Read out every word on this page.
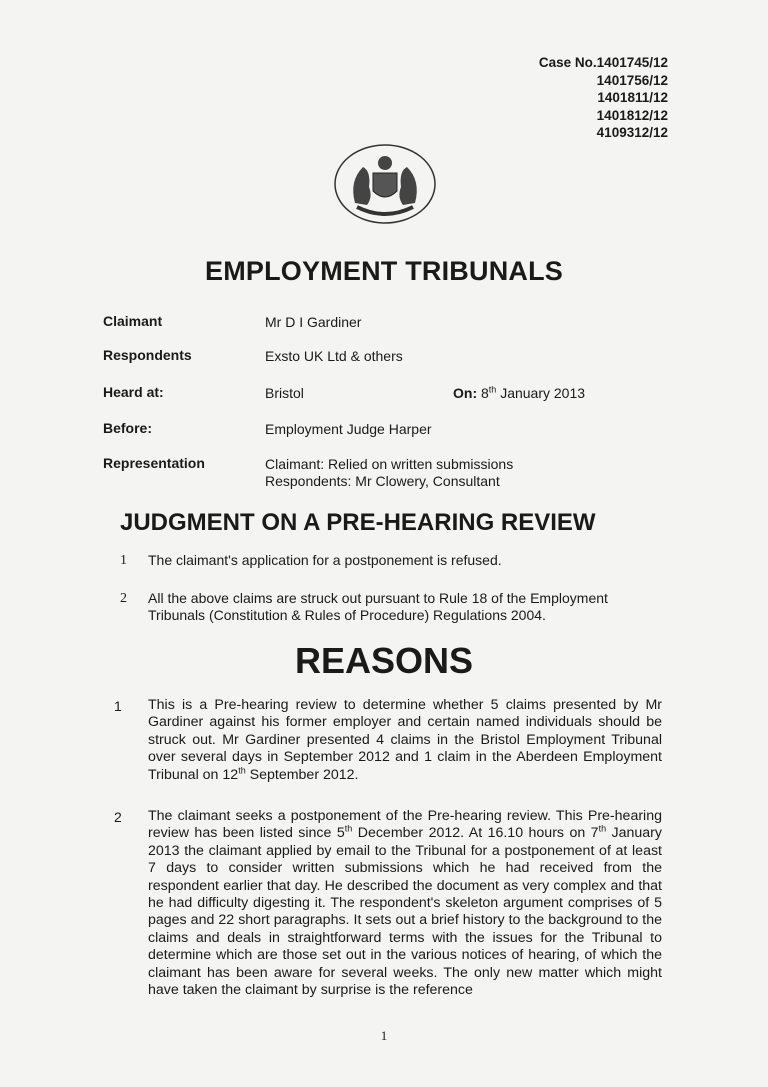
Case No.1401745/12
1401756/12
1401811/12
1401812/12
4109312/12
EMPLOYMENT TRIBUNALS
Claimant	Mr D I Gardiner
Respondents	Exsto UK Ltd & others
Heard at:	Bristol	On: 8th January 2013
Before:	Employment Judge Harper
Representation	Claimant: Relied on written submissions
Respondents: Mr Clowery, Consultant
JUDGMENT ON A PRE-HEARING REVIEW
1 The claimant's application for a postponement is refused.
2 All the above claims are struck out pursuant to Rule 18 of the Employment Tribunals (Constitution & Rules of Procedure) Regulations 2004.
REASONS
1 This is a Pre-hearing review to determine whether 5 claims presented by Mr Gardiner against his former employer and certain named individuals should be struck out. Mr Gardiner presented 4 claims in the Bristol Employment Tribunal over several days in September 2012 and 1 claim in the Aberdeen Employment Tribunal on 12th September 2012.
2 The claimant seeks a postponement of the Pre-hearing review. This Pre-hearing review has been listed since 5th December 2012. At 16.10 hours on 7th January 2013 the claimant applied by email to the Tribunal for a postponement of at least 7 days to consider written submissions which he had received from the respondent earlier that day. He described the document as very complex and that he had difficulty digesting it. The respondent's skeleton argument comprises of 5 pages and 22 short paragraphs. It sets out a brief history to the background to the claims and deals in straightforward terms with the issues for the Tribunal to determine which are those set out in the various notices of hearing, of which the claimant has been aware for several weeks. The only new matter which might have taken the claimant by surprise is the reference
1
